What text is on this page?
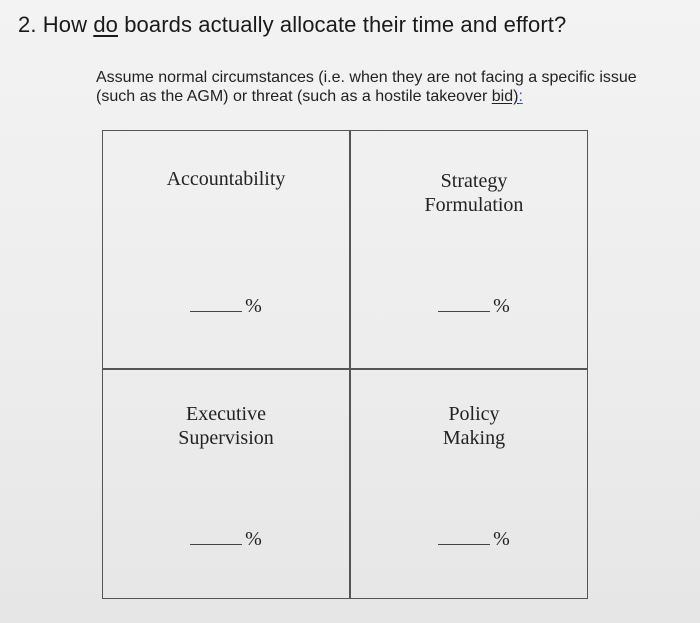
2. How do boards actually allocate their time and effort?
Assume normal circumstances (i.e. when they are not facing a specific issue (such as the AGM) or threat (such as a hostile takeover bid):
Accountability
%
Strategy
Formulation
%
Executive
Supervision
%
Policy
Making
%
